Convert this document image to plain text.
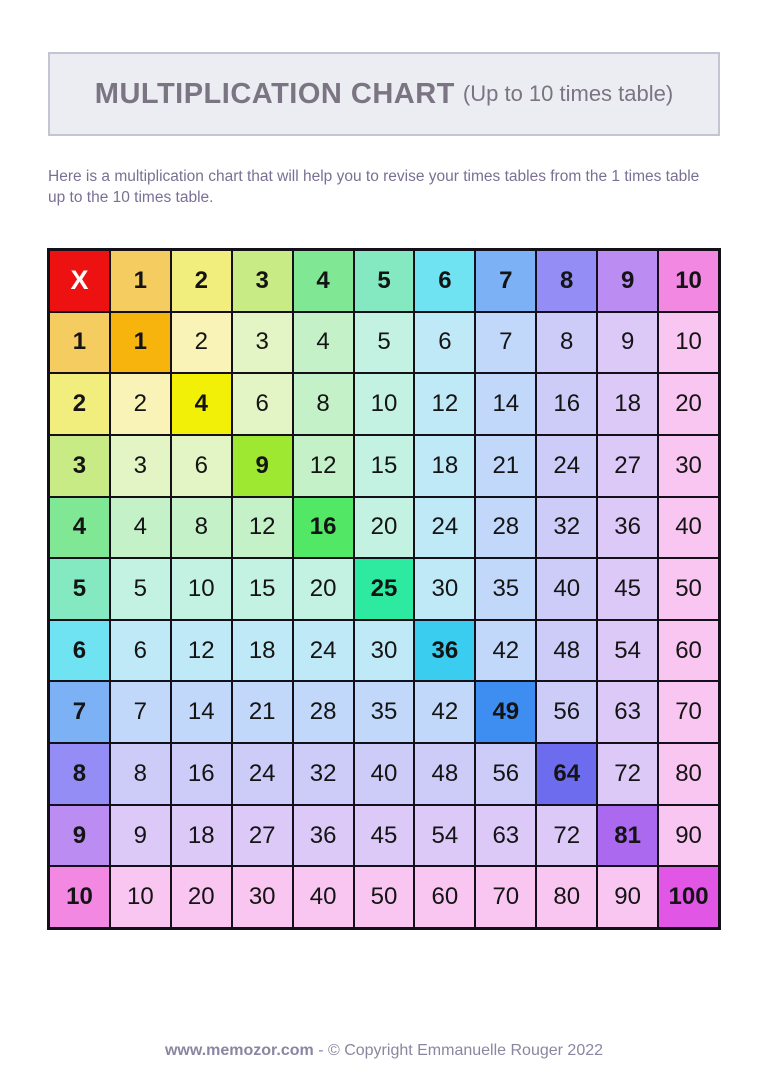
MULTIPLICATION CHART (Up to 10 times table)
Here is a multiplication chart that will help you to revise your times tables from the 1 times table up to the 10 times table.
X	1	2	3	4	5	6	7	8	9	10
1	1	2	3	4	5	6	7	8	9	10
2	2	4	6	8	10	12	14	16	18	20
3	3	6	9	12	15	18	21	24	27	30
4	4	8	12	16	20	24	28	32	36	40
5	5	10	15	20	25	30	35	40	45	50
6	6	12	18	24	30	36	42	48	54	60
7	7	14	21	28	35	42	49	56	63	70
8	8	16	24	32	40	48	56	64	72	80
9	9	18	27	36	45	54	63	72	81	90
10	10	20	30	40	50	60	70	80	90	100
www.memozor.com - © Copyright Emmanuelle Rouger 2022
